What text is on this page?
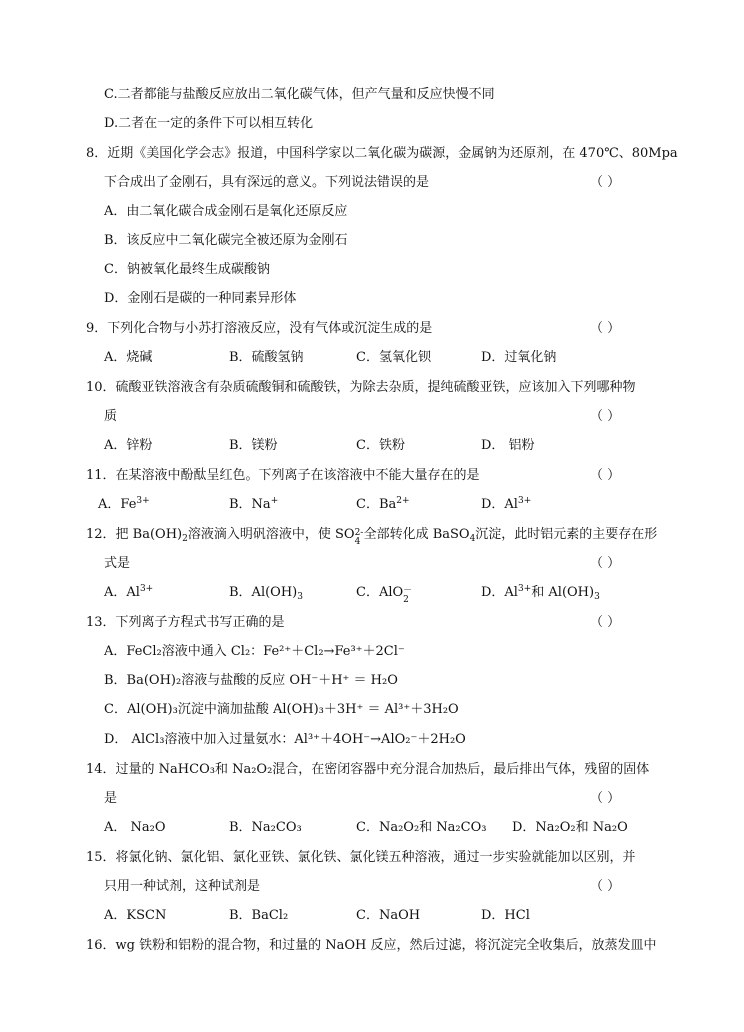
C.二者都能与盐酸反应放出二氧化碳气体，但产气量和反应快慢不同
D.二者在一定的条件下可以相互转化
8．近期《美国化学会志》报道，中国科学家以二氧化碳为碳源，金属钠为还原剂，在 470℃、80Mpa
下合成出了金刚石，具有深远的意义。下列说法错误的是	（ ）
A．由二氧化碳合成金刚石是氧化还原反应
B．该反应中二氧化碳完全被还原为金刚石
C．钠被氧化最终生成碳酸钠
D．金刚石是碳的一种同素异形体
9．下列化合物与小苏打溶液反应，没有气体或沉淀生成的是	（ ）
A．烧碱	B．硫酸氢钠	C．氢氧化钡	D．过氧化钠
10．硫酸亚铁溶液含有杂质硫酸铜和硫酸铁，为除去杂质，提纯硫酸亚铁，应该加入下列哪种物
质	（ ）
A．锌粉	B．镁粉	C．铁粉	D． 铝粉
11．在某溶液中酚酞呈红色。下列离子在该溶液中不能大量存在的是	（ ）
A．$Fe^{3+}$	B．Na+	C．$Ba^{2+}$	D．$Al^{3+}$
12．把 $Ba(OH)_2$溶液滴入明矾溶液中，使 SO 2-
4 全部转化成 BaSO$_4$沉淀，此时铝元素的主要存在形
式是	（ ）
A．$Al^{3+}$	B．$Al(OH)_3$	C．AlO －
2	D．$Al^{3+}$和 $Al(OH)_3$
13．下列离子方程式书写正确的是	（ ）
A．FeCl₂溶液中通入 Cl₂：Fe²⁺＋Cl₂→Fe³⁺＋2Cl⁻
B．Ba(OH)₂溶液与盐酸的反应 OH⁻＋H⁺ ＝ H₂O
C．Al(OH)₃沉淀中滴加盐酸 Al(OH)₃＋3H⁺ ＝ Al³⁺＋3H₂O
D． AlCl₃溶液中加入过量氨水：Al³⁺＋4OH⁻→AlO₂⁻＋2H₂O
14．过量的 NaHCO₃和 Na₂O₂混合，在密闭容器中充分混合加热后，最后排出气体，残留的固体
是	（ ）
A． Na₂O	B．Na₂CO₃	C．Na₂O₂和 Na₂CO₃ D．Na₂O₂和 Na₂O
15．将氯化钠、氯化铝、氯化亚铁、氯化铁、氯化镁五种溶液，通过一步实验就能加以区别，并
只用一种试剂，这种试剂是	（ ）
A．KSCN	B．BaCl₂	C．NaOH	D．HCl
16．wg 铁粉和铝粉的混合物，和过量的 NaOH 反应，然后过滤，将沉淀完全收集后，放蒸发皿中
